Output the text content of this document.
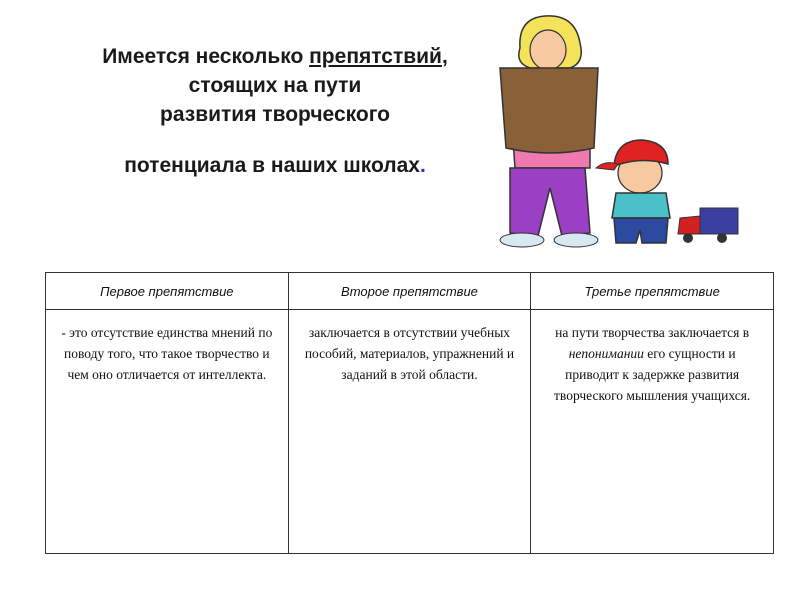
Имеется несколько препятствий,
стоящих на пути
развития творческого
потенциала в наших школах.
Первое препятствие	Второе препятствие	Третье препятствие
- это отсутствие единства мнений по поводу того, что такое творчество и чем оно отличается от интеллекта.	заключается в отсутствии учебных пособий, материалов, упражнений и заданий в этой области.	на пути творчества заключается в непонимании его сущности и приводит к задержке развития творческого мышления учащихся.
